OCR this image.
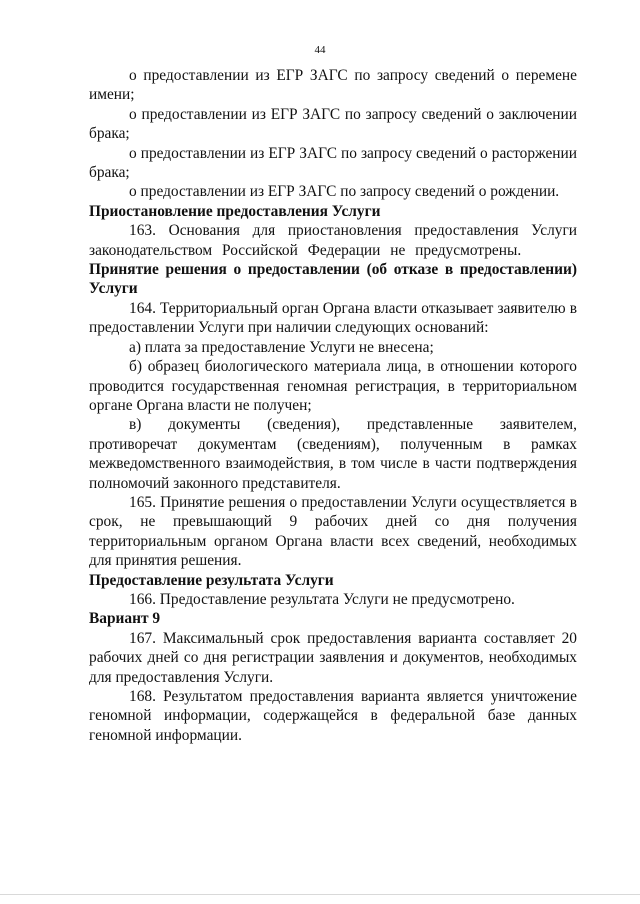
44

о предоставлении из ЕГР ЗАГС по запросу сведений о перемене имени;

о предоставлении из ЕГР ЗАГС по запросу сведений о заключении брака;

о предоставлении из ЕГР ЗАГС по запросу сведений о расторжении брака;

о предоставлении из ЕГР ЗАГС по запросу сведений о рождении.

Приостановление предоставления Услуги

163. Основания для приостановления предоставления Услуги законодательством Российской Федерации не предусмотрены.

Принятие решения о предоставлении (об отказе в предоставлении) Услуги

164. Территориальный орган Органа власти отказывает заявителю в предоставлении Услуги при наличии следующих оснований:

а) плата за предоставление Услуги не внесена;

б) образец биологического материала лица, в отношении которого проводится государственная геномная регистрация, в территориальном органе Органа власти не получен;

в) документы (сведения), представленные заявителем, противоречат документам (сведениям), полученным в рамках межведомственного взаимодействия, в том числе в части подтверждения полномочий законного представителя.

165. Принятие решения о предоставлении Услуги осуществляется в срок, не превышающий 9 рабочих дней со дня получения территориальным органом Органа власти всех сведений, необходимых для принятия решения.

Предоставление результата Услуги

166. Предоставление результата Услуги не предусмотрено.

Вариант 9

167. Максимальный срок предоставления варианта составляет 20 рабочих дней со дня регистрации заявления и документов, необходимых для предоставления Услуги.

168. Результатом предоставления варианта является уничтожение геномной информации, содержащейся в федеральной базе данных геномной информации.
